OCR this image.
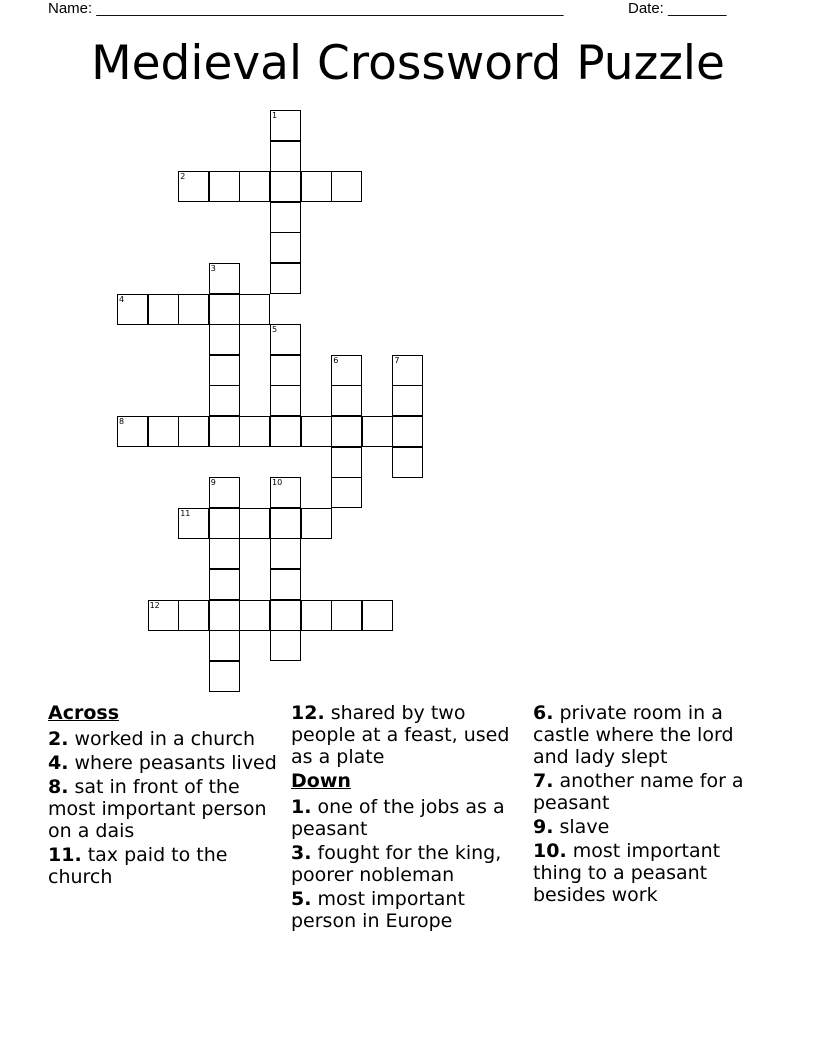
Name: ________________________________________________________	Date: _______
Medieval Crossword Puzzle
1
2
3
4
5
6	7
8
9	10
11
12
Across
2. worked in a church
4. where peasants lived
8. sat in front of the most important person on a dais
11. tax paid to the church
12. shared by two people at a feast, used as a plate
Down
1. one of the jobs as a peasant
3. fought for the king, poorer nobleman
5. most important person in Europe
6. private room in a castle where the lord and lady slept
7. another name for a peasant
9. slave
10. most important thing to a peasant besides work
